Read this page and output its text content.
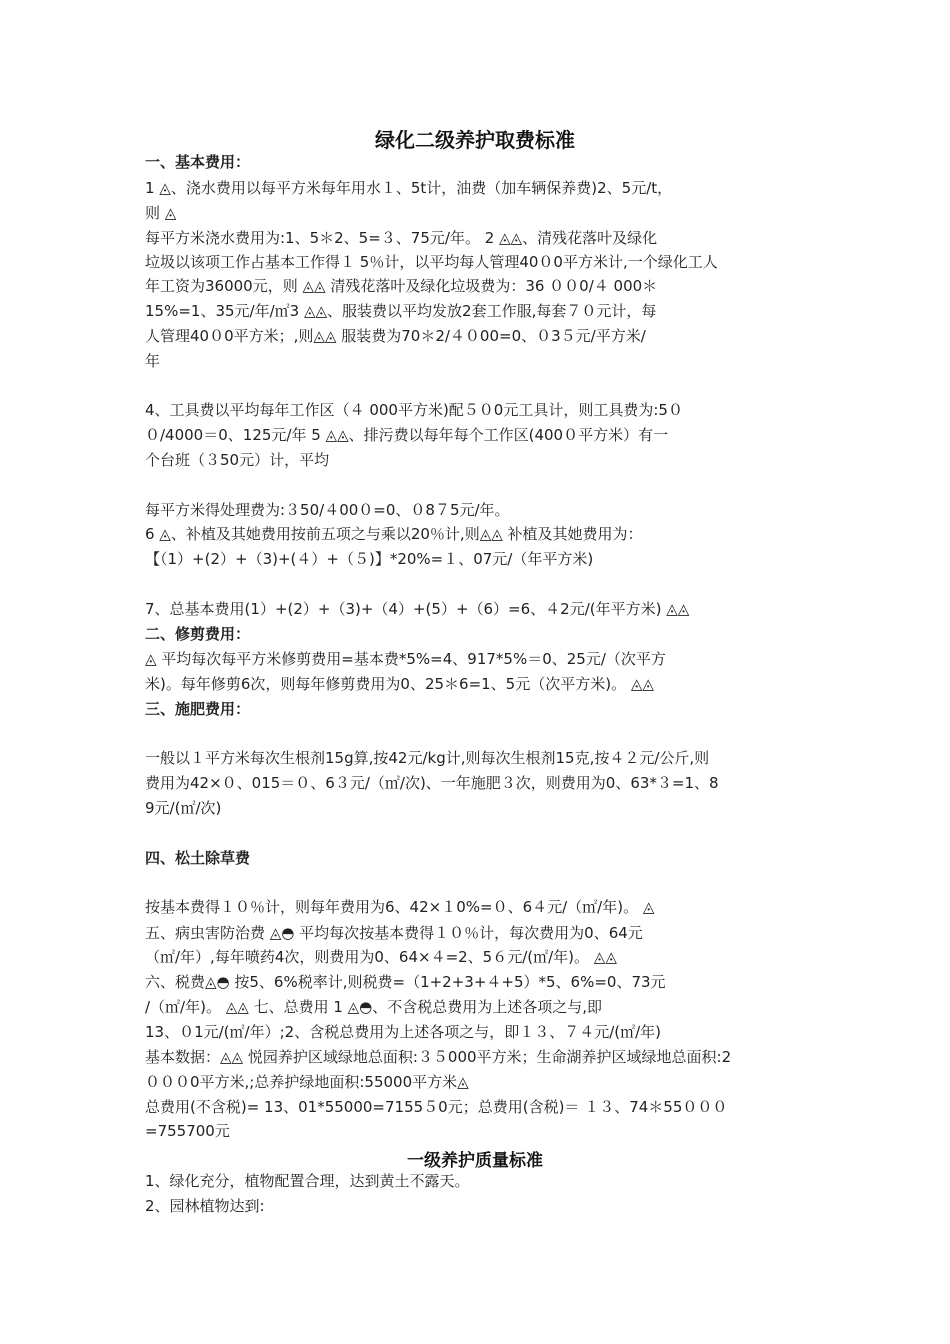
绿化二级养护取费标准
一、基本费用：
1 ◬、浇水费用以每平方米每年用水１、5t计，油费（加车辆保养费)2、5元/t，
则 ◬
每平方米浇水费用为:1、5＊2、5=３、75元/年。 2 ◬◬、清残花落叶及绿化
垃圾以该项工作占基本工作得１ 5％计，以平均每人管理40０0平方米计,一个绿化工人
年工资为36000元，则 ◬◬ 清残花落叶及绿化垃圾费为：36 ００0/４ 000＊
15%=1、35元/年/㎡3 ◬◬、服装费以平均发放2套工作服,每套７０元计，每
人管理40０0平方米；,则◬◬ 服装费为70＊2/４０00=0、０3５元/平方米/
年
4、工具费以平均每年工作区（４ 000平方米)配５０0元工具计，则工具费为:5０
０/4000＝0、125元/年 5 ◬◬、排污费以每年每个工作区(400０平方米）有一
个台班（３50元）计，平均
每平方米得处理费为:３50/４00０=0、０8７5元/年。
6 ◬、补植及其她费用按前五项之与乘以20％计,则◬◬ 补植及其她费用为：
【（1）+(2）+（3)+(４）+（５)】*20%=１、07元/（年平方米)
7、总基本费用(1）+(2）+（3)+（4）+(5）+（6）=6、４2元/(年平方米) ◬◬
二、修剪费用：
◬ 平均每次每平方米修剪费用=基本费*5%=4、917*5%＝0、25元/（次平方
米)。每年修剪6次，则每年修剪费用为0、25＊6=1、5元（次平方米)。 ◬◬
三、施肥费用：
一般以１平方米每次生根剂15g算,按42元/kg计,则每次生根剂15克,按４２元/公斤,则
费用为42×０、015＝０、6３元/（㎡/次)、一年施肥３次，则费用为0、63*３=1、8
9元/(㎡/次)
四、松土除草费
按基本费得１０％计，则每年费用为6、42×１0%=０、6４元/（㎡/年)。 ◬
五、病虫害防治费 ◬◓ 平均每次按基本费得１０％计，每次费用为0、64元
（㎡/年）,每年喷药4次，则费用为0、64×４=2、5６元/(㎡/年)。 ◬◬
六、税费◬◓ 按5、6%税率计,则税费=（1+2+3+４+5）*5、6%=0、73元
/（㎡/年)。 ◬◬ 七、总费用 1 ◬◓、不含税总费用为上述各项之与,即
13、０1元/(㎡/年）;2、含税总费用为上述各项之与，即１３、７４元/(㎡/年)
基本数据：◬◬ 悦园养护区域绿地总面积:３５000平方米；生命湖养护区域绿地总面积:2
０００0平方米,;总养护绿地面积:55000平方米◬
总费用(不含税)= 13、01*55000=7155５0元；总费用(含税)＝ １３、74＊55０００
=755700元
一级养护质量标准
1、绿化充分，植物配置合理，达到黄土不露天。
2、园林植物达到:
